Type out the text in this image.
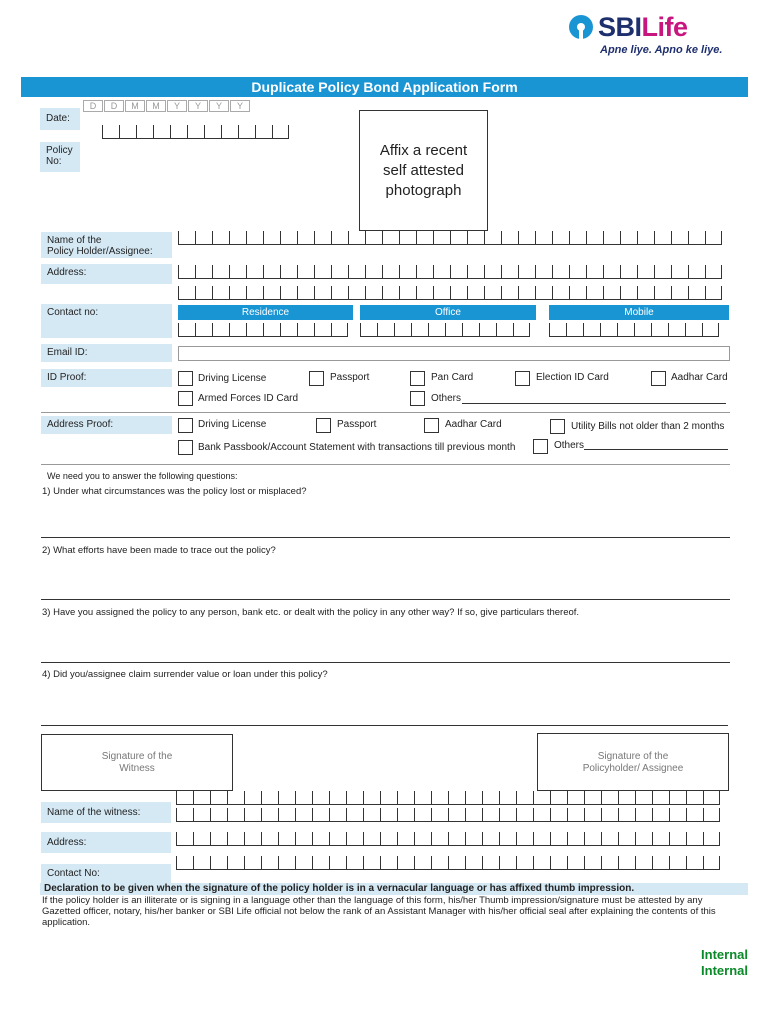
SBILife
Apne liye. Apno ke liye.
Duplicate Policy Bond Application Form
D	D	M	M	Y	Y	Y	Y
Date:
Policy
No:
Affix a recent
self attested
photograph
Name of the
Policy Holder/Assignee:
Address:
Contact no:	Residence	Office	Mobile
Email ID:
ID Proof:	Driving License	Passport	Pan Card	Election ID Card	Aadhar Card
Armed Forces ID Card	Others
Address Proof:	Driving License	Passport	Aadhar Card	Utility Bills not older than 2 months
Bank Passbook/Account Statement with transactions till previous month	Others
We need you to answer the following questions:
1) Under what circumstances was the policy lost or misplaced?
2) What efforts have been made to trace out the policy?
3) Have you assigned the policy to any person, bank etc. or dealt with the policy in any other way? If so, give particulars thereof.
4) Did you/assignee claim surrender value or loan under this policy?
Signature of the
Witness
Signature of the
Policyholder/ Assignee
Name of the witness:
Address:
Contact No:
Declaration to be given when the signature of the policy holder is in a vernacular language or has affixed thumb impression.
If the policy holder is an illiterate or is signing in a language other than the language of this form, his/her Thumb impression/signature must be attested by any Gazetted officer, notary, his/her banker or SBI Life official not below the rank of an Assistant Manager with his/her official seal after explaining the contents of this application.
Internal
Internal
